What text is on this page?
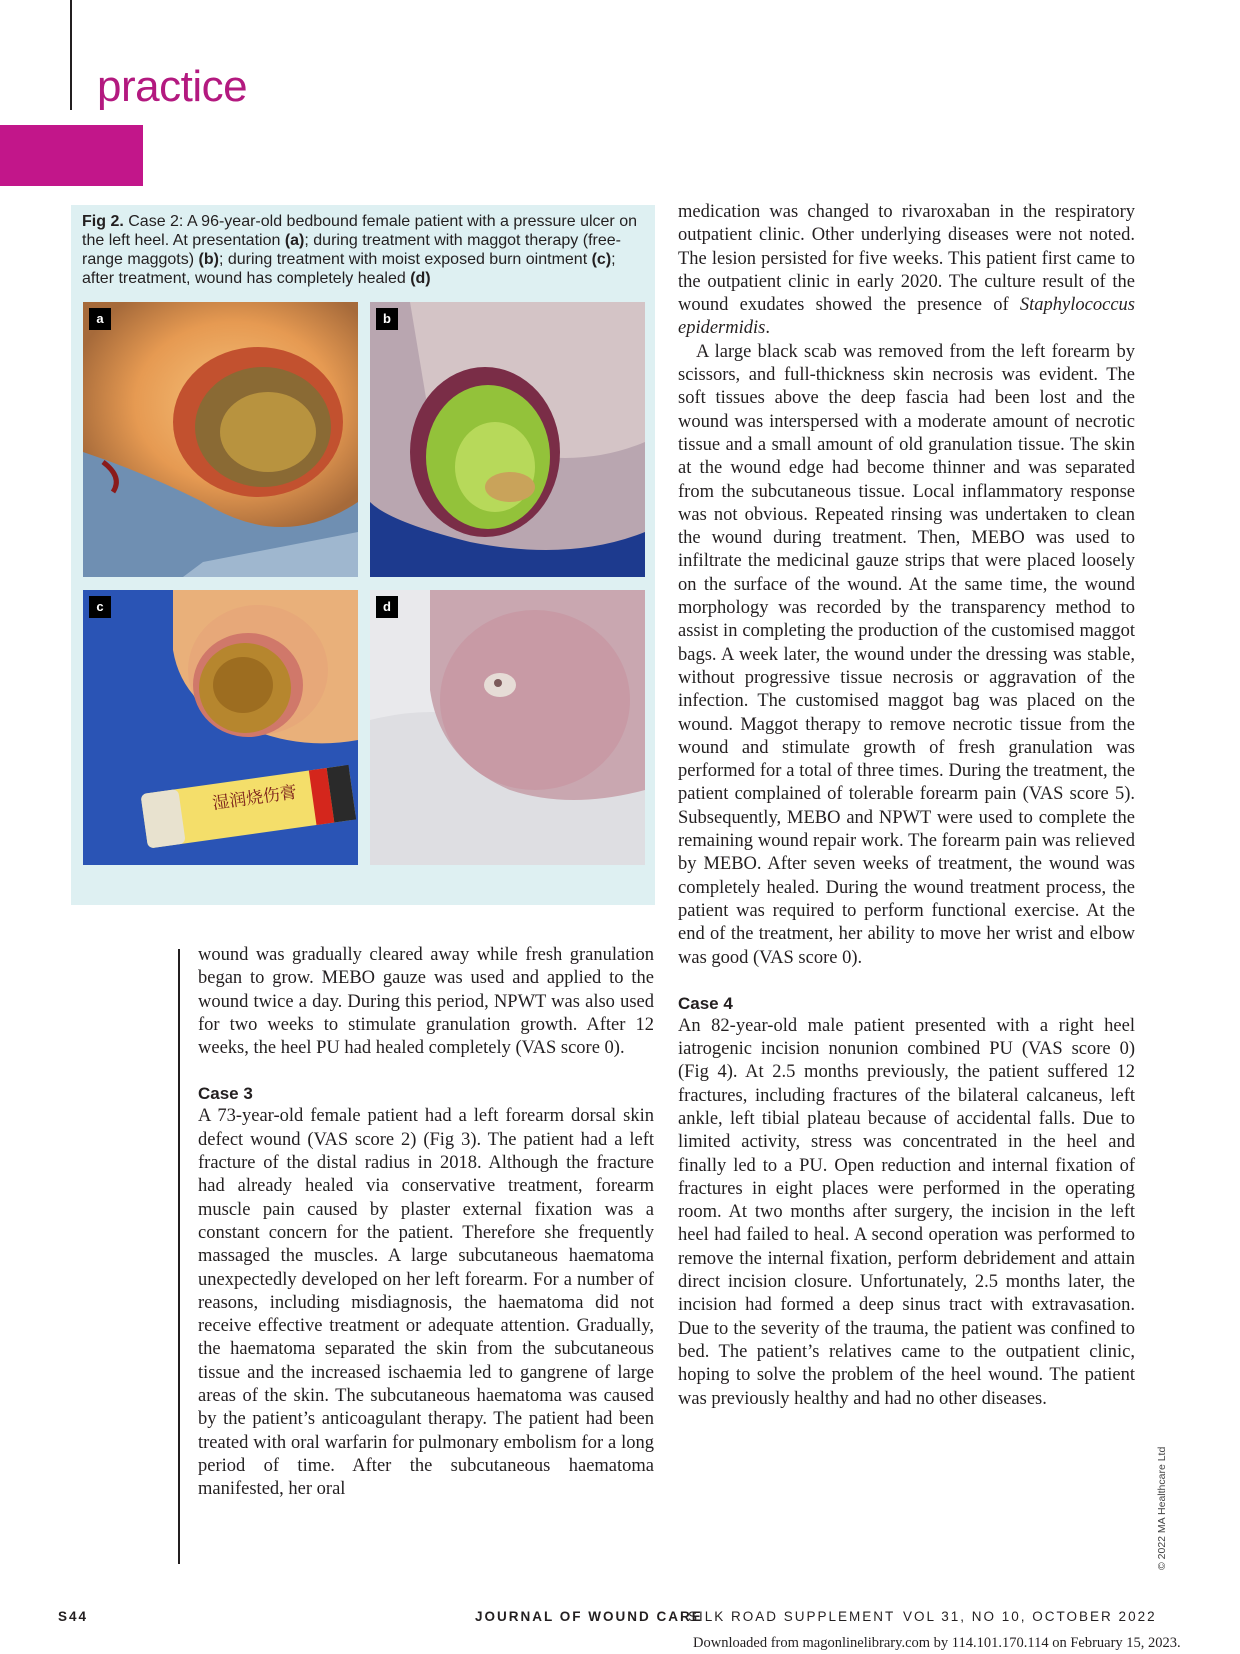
practice
Fig 2. Case 2: A 96-year-old bedbound female patient with a pressure ulcer on the left heel. At presentation (a); during treatment with maggot therapy (free-range maggots) (b); during treatment with moist exposed burn ointment (c); after treatment, wound has completely healed (d)
a	b
湿润烧伤膏
c	d

wound was gradually cleared away while fresh granulation began to grow. MEBO gauze was used and applied to the wound twice a day. During this period, NPWT was also used for two weeks to stimulate granulation growth. After 12 weeks, the heel PU had healed completely (VAS score 0).

Case 3

A 73-year-old female patient had a left forearm dorsal skin defect wound (VAS score 2) (Fig 3). The patient had a left fracture of the distal radius in 2018. Although the fracture had already healed via conservative treatment, forearm muscle pain caused by plaster external fixation was a constant concern for the patient. Therefore she frequently massaged the muscles. A large subcutaneous haematoma unexpectedly developed on her left forearm. For a number of reasons, including misdiagnosis, the haematoma did not receive effective treatment or adequate attention. Gradually, the haematoma separated the skin from the subcutaneous tissue and the increased ischaemia led to gangrene of large areas of the skin. The subcutaneous haematoma was caused by the patient’s anticoagulant therapy. The patient had been treated with oral warfarin for pulmonary embolism for a long period of time. After the subcutaneous haematoma manifested, her oral

medication was changed to rivaroxaban in the respiratory outpatient clinic. Other underlying diseases were not noted. The lesion persisted for five weeks. This patient first came to the outpatient clinic in early 2020. The culture result of the wound exudates showed the presence of Staphylococcus epidermidis.

A large black scab was removed from the left forearm by scissors, and full-thickness skin necrosis was evident. The soft tissues above the deep fascia had been lost and the wound was interspersed with a moderate amount of necrotic tissue and a small amount of old granulation tissue. The skin at the wound edge had become thinner and was separated from the subcutaneous tissue. Local inflammatory response was not obvious. Repeated rinsing was undertaken to clean the wound during treatment. Then, MEBO was used to infiltrate the medicinal gauze strips that were placed loosely on the surface of the wound. At the same time, the wound morphology was recorded by the transparency method to assist in completing the production of the customised maggot bags. A week later, the wound under the dressing was stable, without progressive tissue necrosis or aggravation of the infection. The customised maggot bag was placed on the wound. Maggot therapy to remove necrotic tissue from the wound and stimulate growth of fresh granulation was performed for a total of three times. During the treatment, the patient complained of tolerable forearm pain (VAS score 5). Subsequently, MEBO and NPWT were used to complete the remaining wound repair work. The forearm pain was relieved by MEBO. After seven weeks of treatment, the wound was completely healed. During the wound treatment process, the patient was required to perform functional exercise. At the end of the treatment, her ability to move her wrist and elbow was good (VAS score 0).

Case 4

An 82-year-old male patient presented with a right heel iatrogenic incision nonunion combined PU (VAS score 0) (Fig 4). At 2.5 months previously, the patient suffered 12 fractures, including fractures of the bilateral calcaneus, left ankle, left tibial plateau because of accidental falls. Due to limited activity, stress was concentrated in the heel and finally led to a PU. Open reduction and internal fixation of fractures in eight places were performed in the operating room. At two months after surgery, the incision in the left heel had failed to heal. A second operation was performed to remove the internal fixation, perform debridement and attain direct incision closure. Unfortunately, 2.5 months later, the incision had formed a deep sinus tract with extravasation. Due to the severity of the trauma, the patient was confined to bed. The patient’s relatives came to the outpatient clinic, hoping to solve the problem of the heel wound. The patient was previously healthy and had no other diseases.

© 2022 MA Healthcare Ltd
S44	JOURNAL OF WOUND CARE
SILK ROAD SUPPLEMENT VOL 31, NO 10, OCTOBER 2022
Downloaded from magonlinelibrary.com by 114.101.170.114 on February 15, 2023.
